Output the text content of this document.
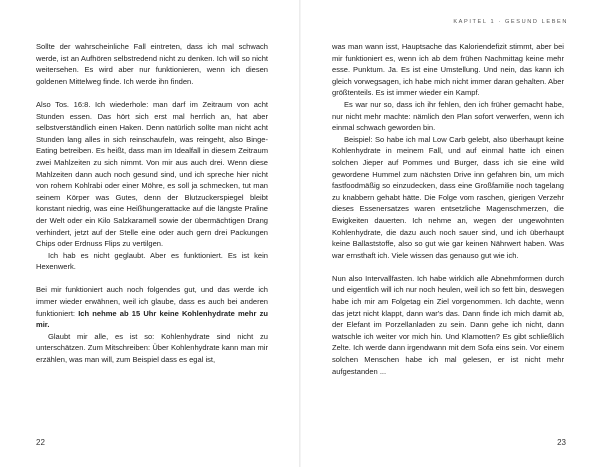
Sollte der wahrscheinliche Fall eintreten, dass ich mal schwach werde, ist an Aufhören selbstredend nicht zu denken. Ich will so nicht weitersehen. Es wird aber nur funktionieren, wenn ich diesen goldenen Mittelweg finde. Ich werde ihn finden.

Also Tos. 16:8. Ich wiederhole: man darf im Zeitraum von acht Stunden essen. Das hört sich erst mal herrlich an, hat aber selbstverständlich einen Haken. Denn natürlich sollte man nicht acht Stunden lang alles in sich reinschaufeln, was reingeht, also Binge-Eating betreiben. Es heißt, dass man im Idealfall in diesem Zeitraum zwei Mahlzeiten zu sich nimmt. Von mir aus auch drei. Wenn diese Mahlzeiten dann auch noch gesund sind, und ich spreche hier nicht von rohem Kohlrabi oder einer Möhre, es soll ja schmecken, tut man seinem Körper was Gutes, denn der Blutzuckerspiegel bleibt konstant niedrig, was eine Heißhungerattacke auf die längste Praline der Welt oder ein Kilo Salzkaramell sowie der übermächtigen Drang verhindert, jetzt auf der Stelle eine oder auch gern drei Packungen Chips oder Erdnuss Flips zu vertilgen.

Ich hab es nicht geglaubt. Aber es funktioniert. Es ist kein Hexenwerk.

Bei mir funktioniert auch noch folgendes gut, und das werde ich immer wieder erwähnen, weil ich glaube, dass es auch bei anderen funktioniert: Ich nehme ab 15 Uhr keine Kohlenhydrate mehr zu mir.

Glaubt mir alle, es ist so: Kohlenhydrate sind nicht zu unterschätzen. Zum Mitschreiben: Über Kohlenhydrate kann man mir erzählen, was man will, zum Beispiel dass es egal ist,

22
KAPITEL 1 · GESUND LEBEN

was man wann isst, Hauptsache das Kaloriendefizit stimmt, aber bei mir funktioniert es, wenn ich ab dem frühen Nachmittag keine mehr esse. Punktum. Ja. Es ist eine Umstellung. Und nein, das kann ich gleich vorwegsagen, ich habe mich nicht immer daran gehalten. Aber größtenteils. Es ist immer wieder ein Kampf.

Es war nur so, dass ich ihr fehlen, den ich früher gemacht habe, nur nicht mehr machte: nämlich den Plan sofort verwerfen, wenn ich einmal schwach geworden bin.

Beispiel: So habe ich mal Low Carb gelebt, also überhaupt keine Kohlenhydrate in meinem Fall, und auf einmal hatte ich einen solchen Jieper auf Pommes und Burger, dass ich sie eine wild gewordene Hummel zum nächsten Drive inn gefahren bin, um mich fastfoodmäßig so einzudecken, dass eine Großfamilie noch tagelang zu knabbern gehabt hätte. Die Folge vom raschen, gierigen Verzehr dieses Essenersatzes waren entsetzliche Magenschmerzen, die Ewigkeiten dauerten. Ich nehme an, wegen der ungewohnten Kohlenhydrate, die dazu auch noch sauer sind, und ich überhaupt keine Ballaststoffe, also so gut wie gar keinen Nährwert haben. Was war ernsthaft ich. Viele wissen das genauso gut wie ich.

Nun also Intervallfasten. Ich habe wirklich alle Abnehmformen durch und eigentlich will ich nur noch heulen, weil ich so fett bin, deswegen habe ich mir am Folgetag ein Ziel vorgenommen. Ich dachte, wenn das jetzt nicht klappt, dann war's das. Dann finde ich mich damit ab, der Elefant im Porzellanladen zu sein. Dann gehe ich nicht, dann watschle ich weiter vor mich hin. Und Klamotten? Es gibt schließlich Zelte. Ich werde dann irgendwann mit dem Sofa eins sein. Vor einem solchen Menschen habe ich mal gelesen, er ist nicht mehr aufgestanden ...

23
